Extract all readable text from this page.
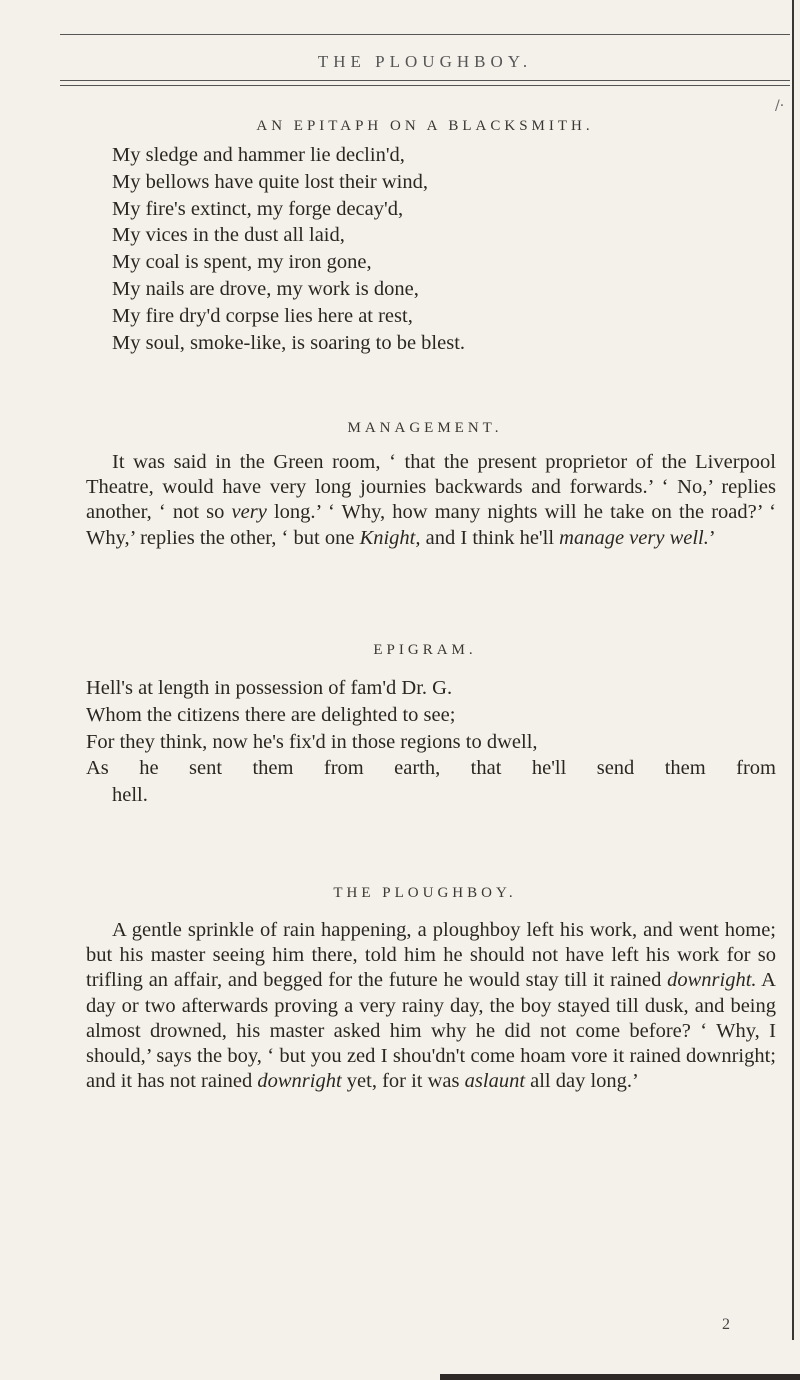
THE PLOUGHBOY.
/·
AN EPITAPH ON A BLACKSMITH.
My sledge and hammer lie declin'd,
My bellows have quite lost their wind,
My fire's extinct, my forge decay'd,
My vices in the dust all laid,
My coal is spent, my iron gone,
My nails are drove, my work is done,
My fire dry'd corpse lies here at rest,
My soul, smoke-like, is soaring to be blest.
MANAGEMENT.
It was said in the Green room, ‘ that the present proprietor of the Liverpool Theatre, would have very long journies backwards and forwards.’ ‘ No,’ replies another, ‘ not so very long.’ ‘ Why, how many nights will he take on the road?’ ‘ Why,’ replies the other, ‘ but one Knight, and I think he'll manage very well.’
EPIGRAM.
Hell's at length in possession of fam'd Dr. G.
Whom the citizens there are delighted to see;
For they think, now he's fix'd in those regions to dwell,
As he sent them from earth, that he'll send them from
hell.
THE PLOUGHBOY.
A gentle sprinkle of rain happening, a ploughboy left his work, and went home; but his master seeing him there, told him he should not have left his work for so trifling an affair, and begged for the future he would stay till it rained downright. A day or two afterwards proving a very rainy day, the boy stayed till dusk, and being almost drowned, his master asked him why he did not come before? ‘ Why, I should,’ says the boy, ‘ but you zed I shou'dn't come hoam vore it rained downright; and it has not rained downright yet, for it was aslaunt all day long.’
2
